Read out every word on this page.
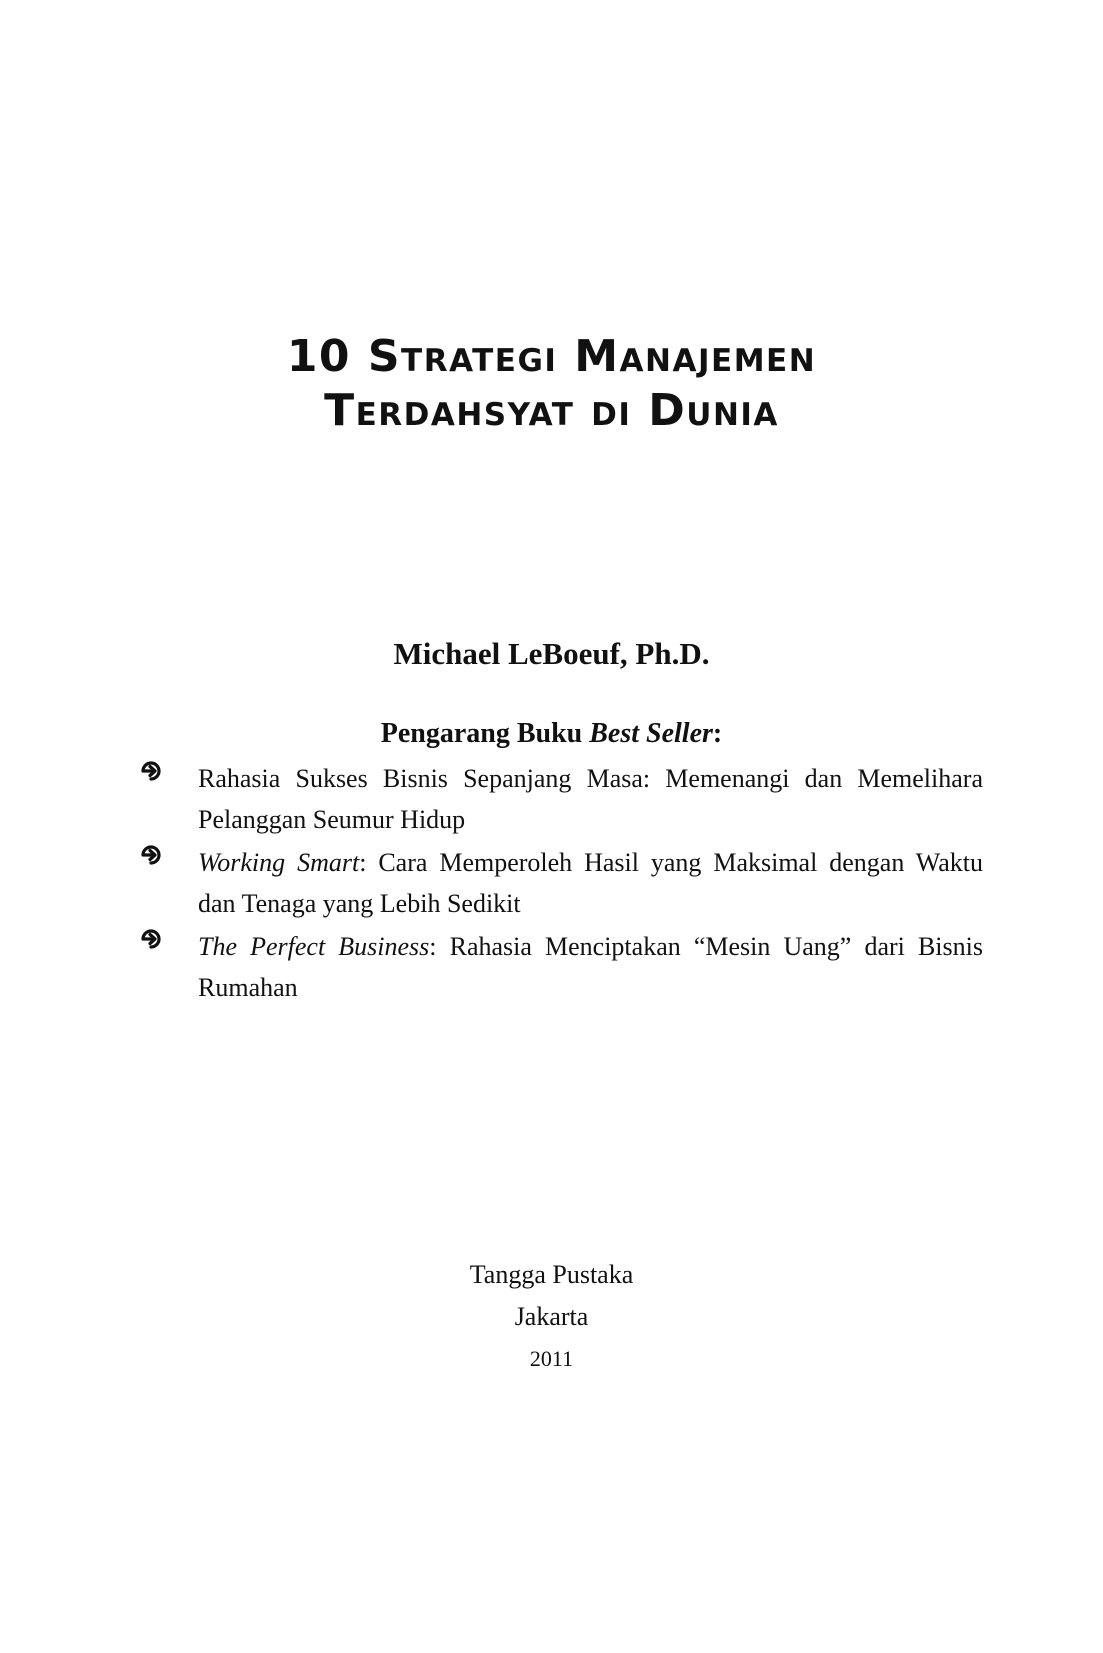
10 Strategi Manajemen
Terdahsyat di Dunia
Michael LeBoeuf, Ph.D.
Pengarang Buku Best Seller:
Rahasia Sukses Bisnis Sepanjang Masa: Memenangi dan Memelihara Pelanggan Seumur Hidup
Working Smart: Cara Memperoleh Hasil yang Maksimal dengan Waktu dan Tenaga yang Lebih Sedikit
The Perfect Business: Rahasia Menciptakan “Mesin Uang” dari Bisnis Rumahan
Tangga Pustaka
Jakarta
2011
